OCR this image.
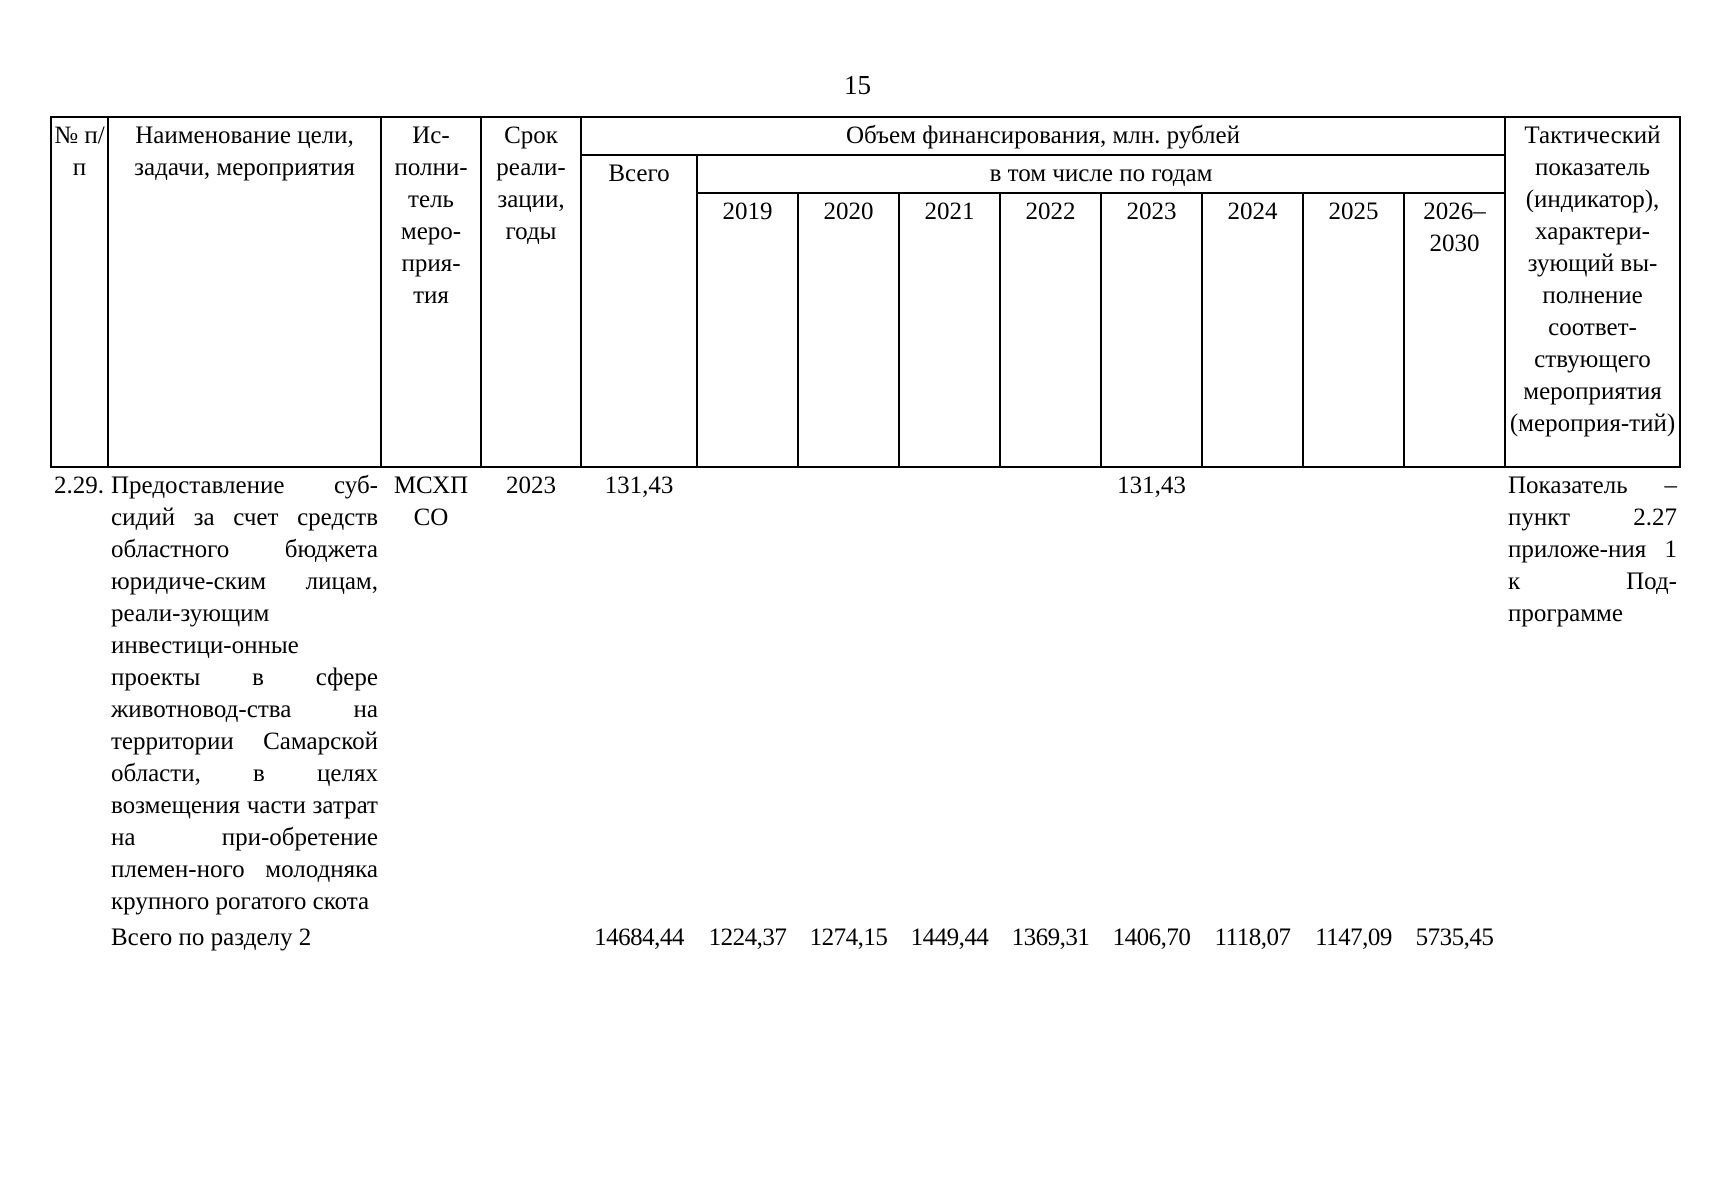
15
№ п/п	Наименование цели, задачи, мероприятия	Ис-полни-тель меро-прия-тия	Срок реали-зации, годы	Объем финансирования, млн. рублей									Тактический показатель (индикатор), характери-зующий вы-полнение соответ-ствующего мероприятия (мероприя-тий)
				Всего	в том числе по годам								
					2019	2020	2021	2022	2023	2024	2025	2026–2030	
2.29.	Предоставление суб-сидий за счет средств областного бюджета юридиче-ским лицам, реали-зующим инвестици-онные проекты в сфере животновод-ства на территории Самарской области, в целях возмещения части затрат на при-обретение племен-ного молодняка крупного рогатого скота	МСХП СО	2023	131,43					131,43				Показатель – пункт 2.27 приложе-ния 1 к Под-программе
	Всего по разделу 2			14684,44	1224,37	1274,15	1449,44	1369,31	1406,70	1118,07	1147,09	5735,45	
